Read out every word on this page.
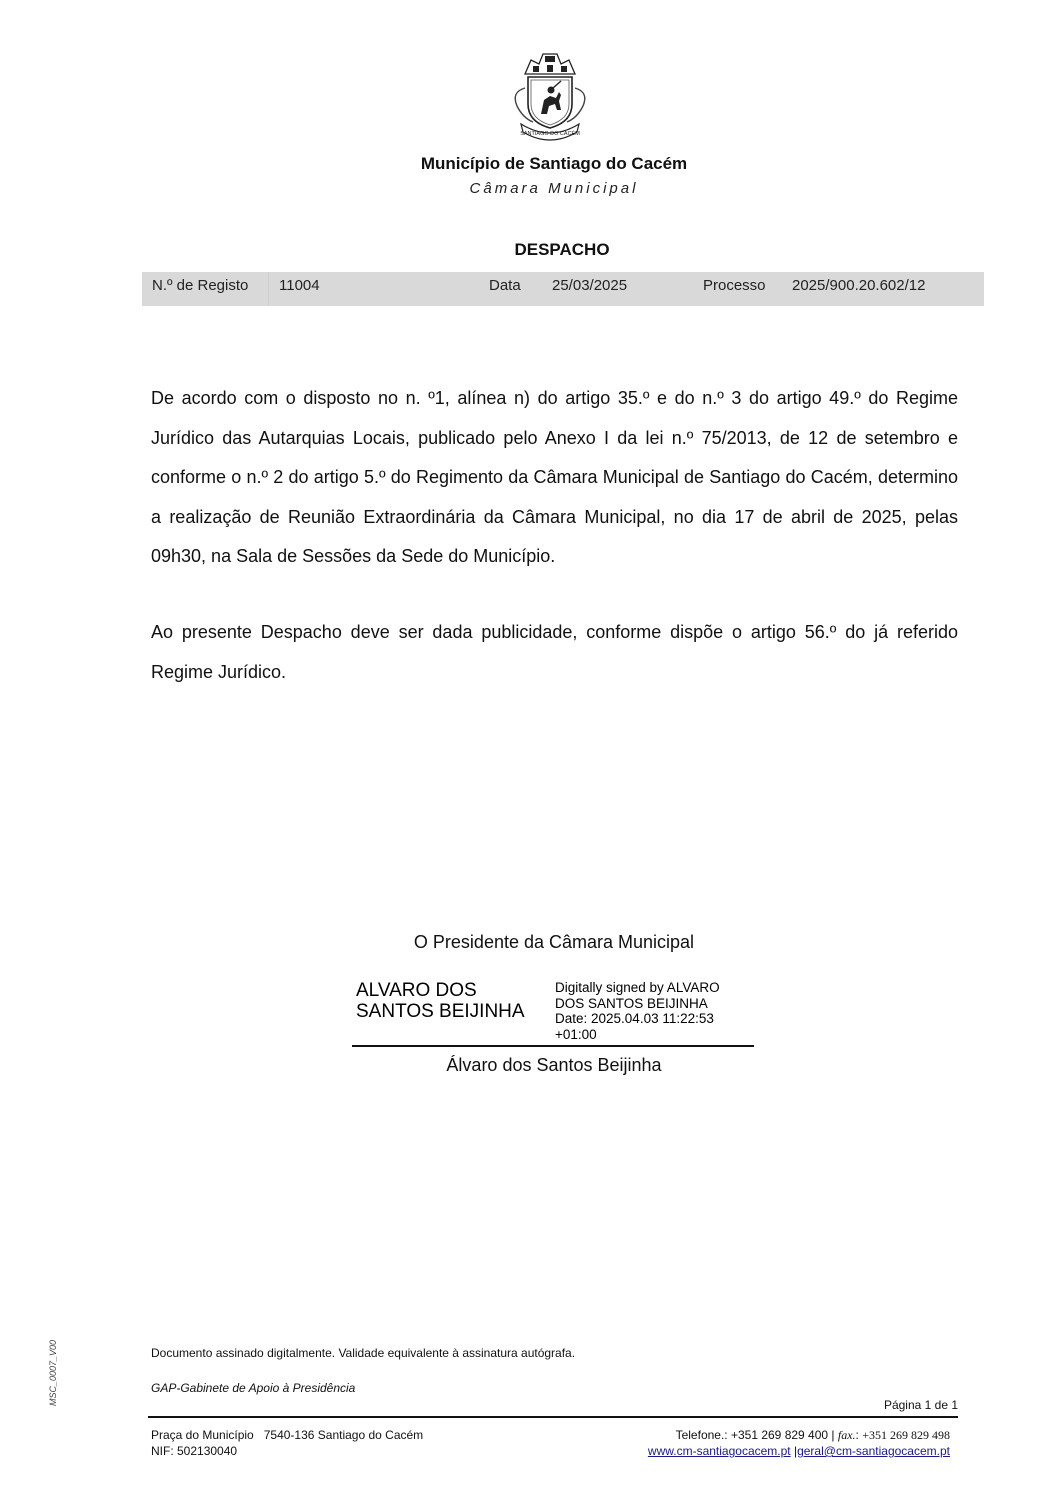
SANTIAGO DO CACÉM
Município de Santiago do Cacém
Câmara Municipal
DESPACHO
N.º de Registo 11004	Data 25/03/2025	Processo 2025/900.20.602/12
De acordo com o disposto no n. º1, alínea n) do artigo 35.º e do n.º 3 do artigo 49.º do Regime Jurídico das Autarquias Locais, publicado pelo Anexo I da lei n.º 75/2013, de 12 de setembro e conforme o n.º 2 do artigo 5.º do Regimento da Câmara Municipal de Santiago do Cacém, determino a realização de Reunião Extraordinária da Câmara Municipal, no dia 17 de abril de 2025, pelas 09h30, na Sala de Sessões da Sede do Município.
Ao presente Despacho deve ser dada publicidade, conforme dispõe o artigo 56.º do já referido Regime Jurídico.
O Presidente da Câmara Municipal
ALVARO DOS
SANTOS BEIJINHA
Digitally signed by ALVARO
DOS SANTOS BEIJINHA
Date: 2025.04.03 11:22:53
+01:00
Álvaro dos Santos Beijinha
Documento assinado digitalmente. Validade equivalente à assinatura autógrafa.
GAP-Gabinete de Apoio à Presidência
MSC_0007_V00	Página 1 de 1
Praça do Município   7540-136 Santiago do Cacém
NIF: 502130040
Telefone.: +351 269 829 400 | fax.: +351 269 829 498
www.cm-santiagocacem.pt |geral@cm-santiagocacem.pt
